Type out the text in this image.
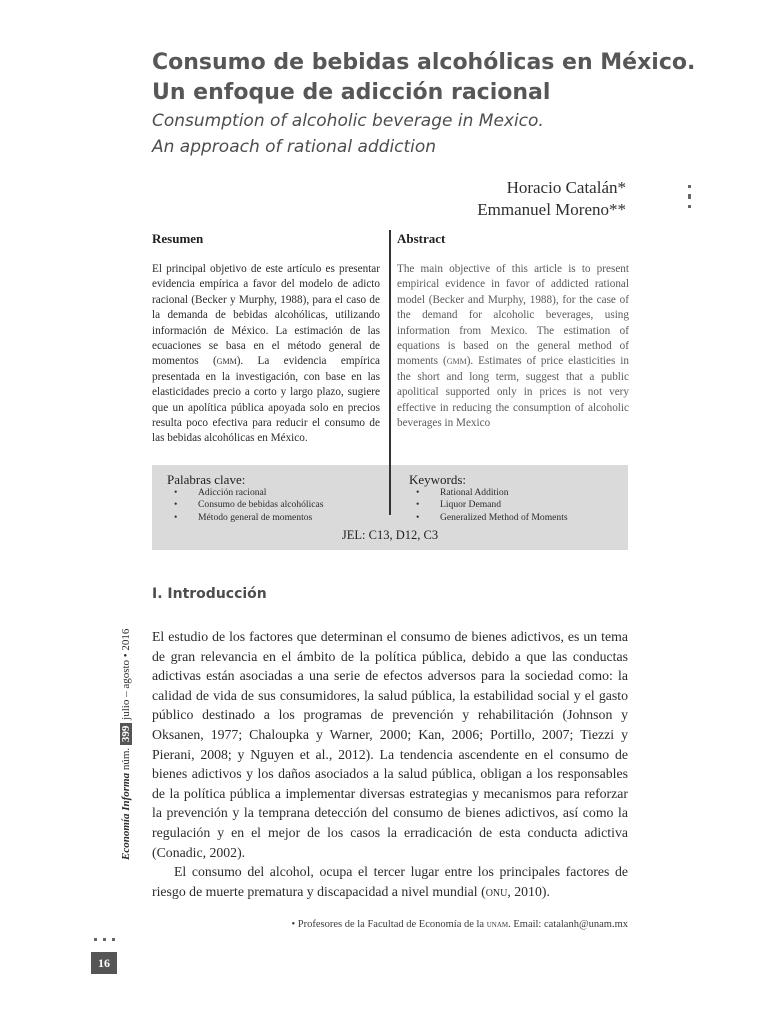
Consumo de bebidas alcohólicas en México.
Un enfoque de adicción racional
Consumption of alcoholic beverage in Mexico.
An approach of rational addiction
Horacio Catalán*
Emmanuel Moreno**
Resumen	Abstract
El principal objetivo de este artículo es presentar evidencia empírica a favor del modelo de adicto racional (Becker y Murphy, 1988), para el caso de la demanda de bebidas alcohólicas, utilizando información de México. La estimación de las ecuaciones se basa en el método general de momentos (gmm). La evidencia empírica presentada en la investigación, con base en las elasticidades precio a corto y largo plazo, sugiere que un apolítica pública apoyada solo en precios resulta poco efectiva para reducir el consumo de las bebidas alcohólicas en México.
The main objective of this article is to present empirical evidence in favor of addicted rational model (Becker and Murphy, 1988), for the case of the demand for alcoholic beverages, using information from Mexico. The estimation of equations is based on the general method of moments (gmm). Estimates of price elasticities in the short and long term, suggest that a public apolitical supported only in prices is not very effective in reducing the consumption of alcoholic beverages in Mexico
Palabras clave:
• Adicción racional
• Consumo de bebidas alcohólicas
• Método general de momentos
Keywords:
• Rational Addition
• Liquor Demand
• Generalized Method of Moments
JEL: C13, D12, C3
I. Introducción

El estudio de los factores que determinan el consumo de bienes adictivos, es un tema de gran relevancia en el ámbito de la política pública, debido a que las conductas adictivas están asociadas a una serie de efectos adversos para la sociedad como: la calidad de vida de sus consumidores, la salud pública, la estabilidad social y el gasto público destinado a los programas de prevención y rehabilitación (Johnson y Oksanen, 1977; Chaloupka y Warner, 2000; Kan, 2006; Portillo, 2007; Tiezzi y Pierani, 2008; y Nguyen et al., 2012). La tendencia ascendente en el consumo de bienes adictivos y los daños asociados a la salud pública, obligan a los responsables de la política pública a implementar diversas estrategias y mecanismos para reforzar la prevención y la temprana detección del consumo de bienes adictivos, así como la regulación y en el mejor de los casos la erradicación de esta conducta adictiva (Conadic, 2002).

El consumo del alcohol, ocupa el tercer lugar entre los principales factores de riesgo de muerte prematura y discapacidad a nivel mundial (onu, 2010).

• Profesores de la Facultad de Economía de la unam. Email: catalanh@unam.mx
Economía Informa núm. 399 julio – agosto • 2016
16
